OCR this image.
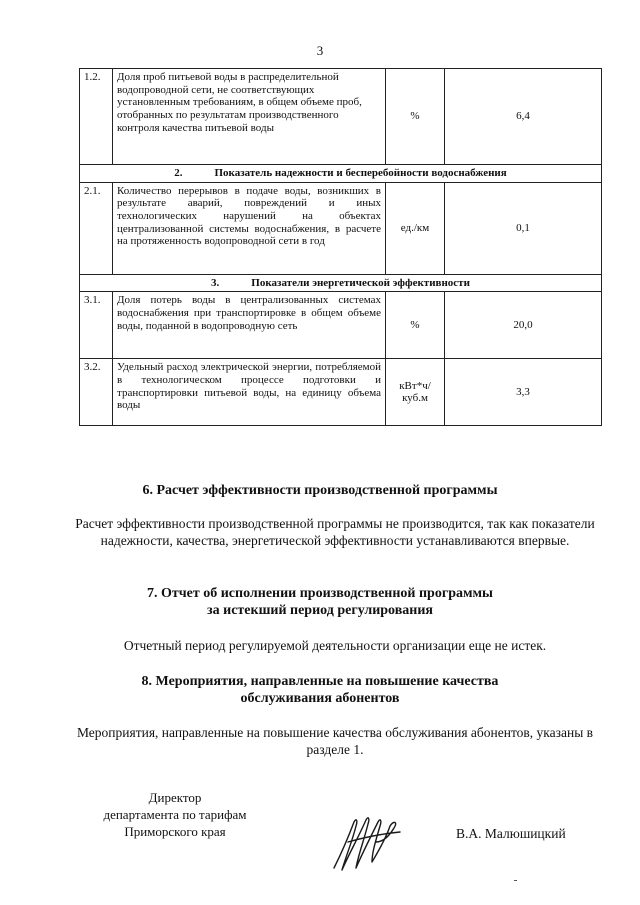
3
1.2.	Доля проб питьевой воды в распределительной водопроводной сети, не соответствующих установленным требованиям, в общем объеме проб, отобранных по результатам производственного контроля качества питьевой воды	%	6,4
2. Показатель надежности и бесперебойности водоснабжения			
2.1.	Количество перерывов в подаче воды, возникших в результате аварий, повреждений и иных технологических нарушений на объектах централизованной системы водоснабжения, в расчете на протяженность водопроводной сети в год	ед./км	0,1
3. Показатели энергетической эффективности			
3.1.	Доля потерь воды в централизованных системах водоснабжения при транспортировке в общем объеме воды, поданной в водопроводную сеть	%	20,0
3.2.	Удельный расход электрической энергии, потребляемой в технологическом процессе подготовки и транспортировки питьевой воды, на единицу объема воды	кВт*ч/ куб.м	3,3
6. Расчет эффективности производственной программы
Расчет эффективности производственной программы не производится, так как показатели надежности, качества, энергетической эффективности устанавливаются впервые.
7. Отчет об исполнении производственной программы
за истекший период регулирования
Отчетный период регулируемой деятельности организации еще не истек.
8. Мероприятия, направленные на повышение качества
обслуживания абонентов
Мероприятия, направленные на повышение качества обслуживания абонентов, указаны в разделе 1.
Директор
департамента по тарифам
Приморского края	В.А. Малюшицкий
